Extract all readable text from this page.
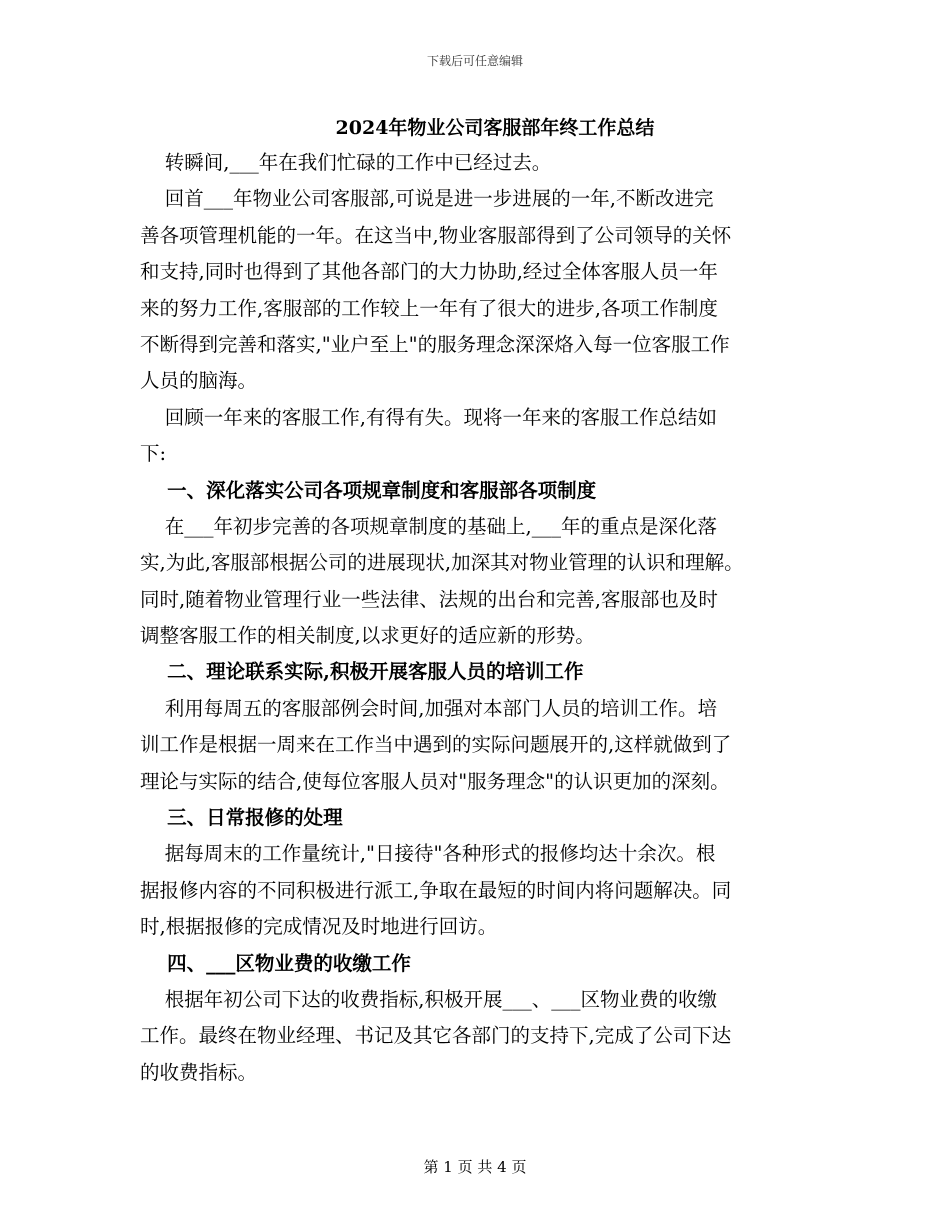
下载后可任意编辑
2024年物业公司客服部年终工作总结
转瞬间,___年在我们忙碌的工作中已经过去。
回首___年物业公司客服部,可说是进一步进展的一年,不断改进完
善各项管理机能的一年。在这当中,物业客服部得到了公司领导的关怀
和支持,同时也得到了其他各部门的大力协助,经过全体客服人员一年
来的努力工作,客服部的工作较上一年有了很大的进步,各项工作制度
不断得到完善和落实,"业户至上"的服务理念深深烙入每一位客服工作
人员的脑海。
回顾一年来的客服工作,有得有失。现将一年来的客服工作总结如
下:
一、深化落实公司各项规章制度和客服部各项制度
在___年初步完善的各项规章制度的基础上,___年的重点是深化落
实,为此,客服部根据公司的进展现状,加深其对物业管理的认识和理解。
同时,随着物业管理行业一些法律、法规的出台和完善,客服部也及时
调整客服工作的相关制度,以求更好的适应新的形势。
二、理论联系实际,积极开展客服人员的培训工作
利用每周五的客服部例会时间,加强对本部门人员的培训工作。培
训工作是根据一周来在工作当中遇到的实际问题展开的,这样就做到了
理论与实际的结合,使每位客服人员对"服务理念"的认识更加的深刻。
三、日常报修的处理
据每周末的工作量统计,"日接待"各种形式的报修均达十余次。根
据报修内容的不同积极进行派工,争取在最短的时间内将问题解决。同
时,根据报修的完成情况及时地进行回访。
四、___区物业费的收缴工作
根据年初公司下达的收费指标,积极开展___、___区物业费的收缴
工作。最终在物业经理、书记及其它各部门的支持下,完成了公司下达
的收费指标。
第 1 页 共 4 页
